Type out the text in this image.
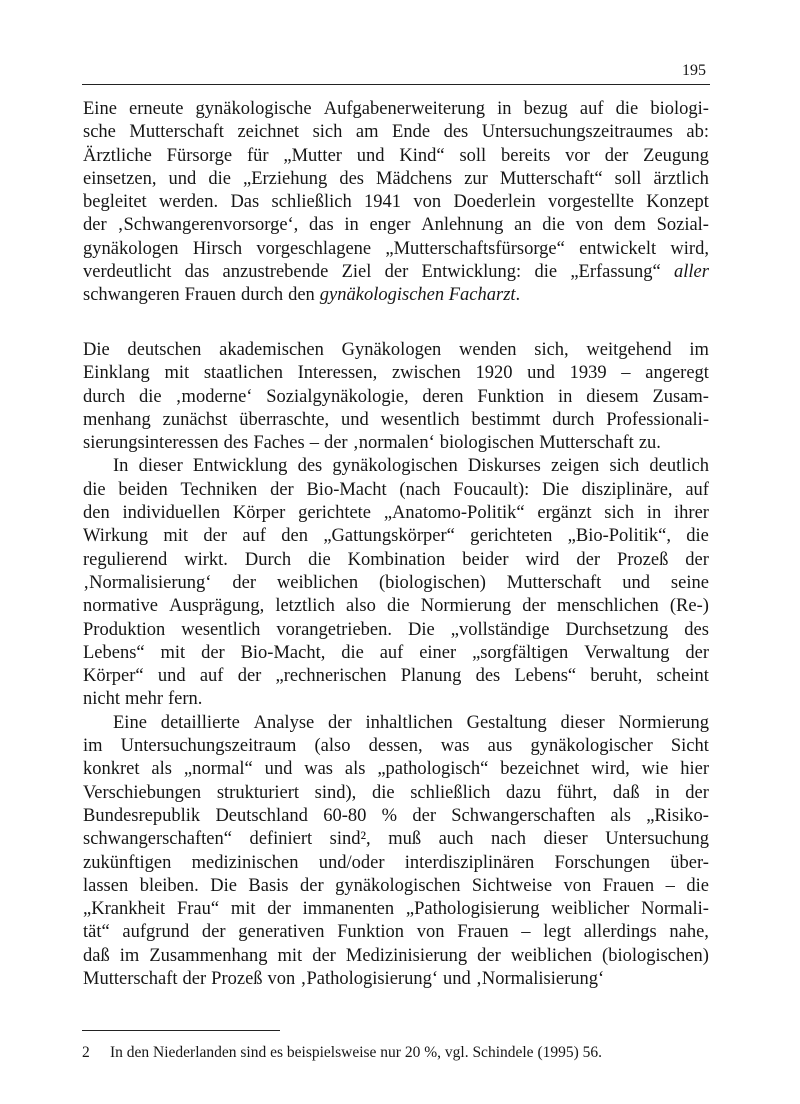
195
Eine erneute gynäkologische Aufgabenerweiterung in bezug auf die biologi-
sche Mutterschaft zeichnet sich am Ende des Untersuchungszeitraumes ab:
Ärztliche Fürsorge für „Mutter und Kind“ soll bereits vor der Zeugung
einsetzen, und die „Erziehung des Mädchens zur Mutterschaft“ soll ärztlich
begleitet werden. Das schließlich 1941 von Doederlein vorgestellte Konzept
der ‚Schwangerenvorsorge‘, das in enger Anlehnung an die von dem Sozial-
gynäkologen Hirsch vorgeschlagene „Mutterschaftsfürsorge“ entwickelt wird,
verdeutlicht das anzustrebende Ziel der Entwicklung: die „Erfassung“ aller
schwangeren Frauen durch den gynäkologischen Facharzt .
Die deutschen akademischen Gynäkologen wenden sich, weitgehend im
Einklang mit staatlichen Interessen, zwischen 1920 und 1939 – angeregt
durch die ‚moderne‘ Sozialgynäkologie, deren Funktion in diesem Zusam-
menhang zunächst überraschte, und wesentlich bestimmt durch Professionali-
sierungsinteressen des Faches – der ‚normalen‘ biologischen Mutterschaft zu.
In dieser Entwicklung des gynäkologischen Diskurses zeigen sich deutlich
die beiden Techniken der Bio-Macht (nach Foucault): Die disziplinäre, auf
den individuellen Körper gerichtete „Anatomo-Politik“ ergänzt sich in ihrer
Wirkung mit der auf den „Gattungskörper“ gerichteten „Bio-Politik“, die
regulierend wirkt. Durch die Kombination beider wird der Prozeß der
‚Normalisierung‘ der weiblichen (biologischen) Mutterschaft und seine
normative Ausprägung, letztlich also die Normierung der menschlichen (Re-)
Produktion wesentlich vorangetrieben. Die „vollständige Durchsetzung des
Lebens“ mit der Bio-Macht, die auf einer „sorgfältigen Verwaltung der
Körper“ und auf der „rechnerischen Planung des Lebens“ beruht, scheint
nicht mehr fern.
Eine detaillierte Analyse der inhaltlichen Gestaltung dieser Normierung
im Untersuchungszeitraum (also dessen, was aus gynäkologischer Sicht
konkret als „normal“ und was als „pathologisch“ bezeichnet wird, wie hier
Verschiebungen strukturiert sind), die schließlich dazu führt, daß in der
Bundesrepublik Deutschland 60-80 % der Schwangerschaften als „Risiko-
schwangerschaften“ definiert sind², muß auch nach dieser Untersuchung
zukünftigen medizinischen und/oder interdisziplinären Forschungen über-
lassen bleiben. Die Basis der gynäkologischen Sichtweise von Frauen – die
„Krankheit Frau“ mit der immanenten „Pathologisierung weiblicher Normali-
tät“ aufgrund der generativen Funktion von Frauen – legt allerdings nahe,
daß im Zusammenhang mit der Medizinisierung der weiblichen (biologischen)
Mutterschaft der Prozeß von ‚Pathologisierung‘ und ‚Normalisierung‘
2 In den Niederlanden sind es beispielsweise nur 20 %, vgl. Schindele (1995) 56.
